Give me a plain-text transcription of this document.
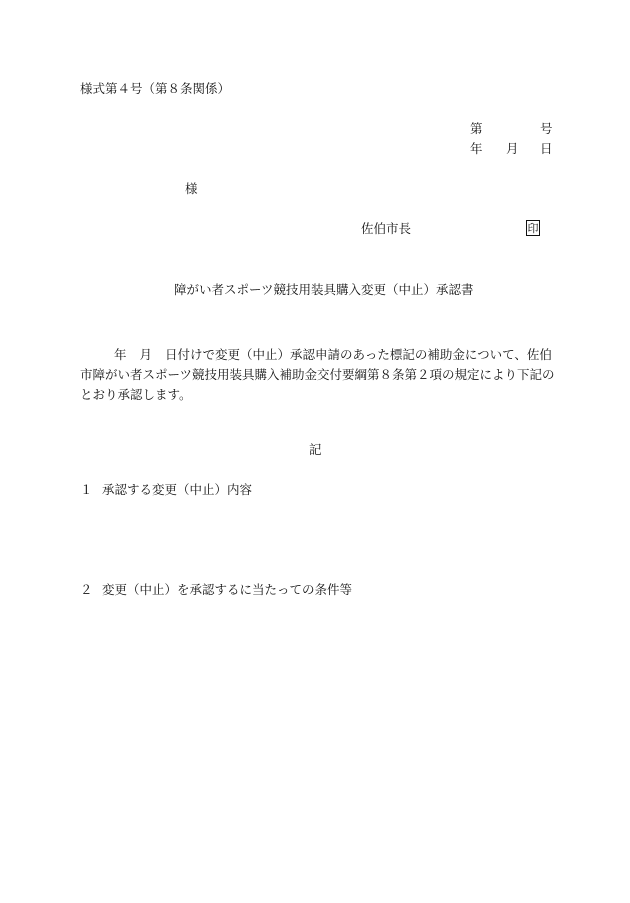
様式第４号（第８条関係）
第	号
年 月 日
様
佐伯市長	印
障がい者スポーツ競技用装具購入変更（中止）承認書
年 月 日付けで変更（中止）承認申請のあった標記の補助金について、佐伯市障がい者スポーツ競技用装具購入補助金交付要綱第８条第２項の規定により下記のとおり承認します。
記
１ 承認する変更（中止）内容
２ 変更（中止）を承認するに当たっての条件等
